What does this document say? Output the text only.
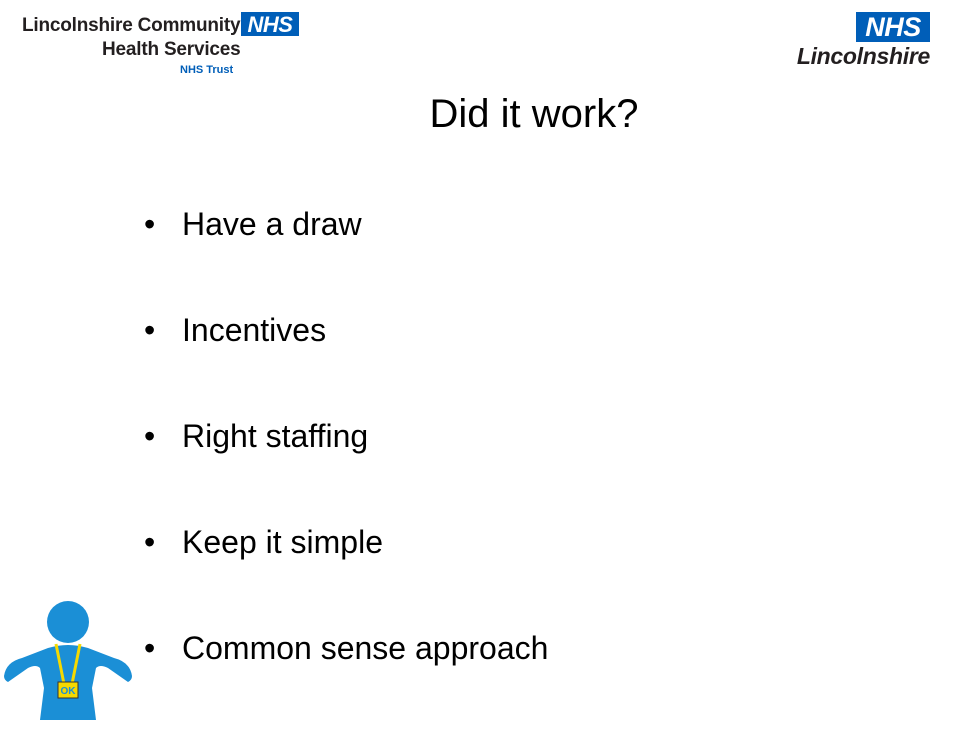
Lincolnshire Community
Health Services
NHS Trust
NHS	NHS
Lincolnshire
Did it work?
• Have a draw
• Incentives
• Right staffing
• Keep it simple
• Common sense approach
OK
